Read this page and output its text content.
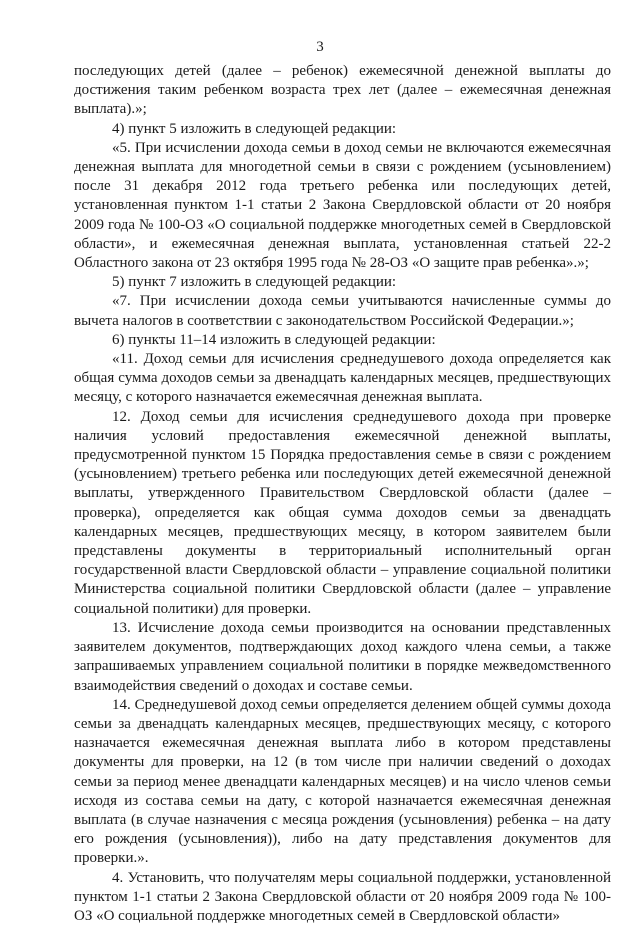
3

последующих детей (далее – ребенок) ежемесячной денежной выплаты до достижения таким ребенком возраста трех лет (далее – ежемесячная денежная выплата).»;

4) пункт 5 изложить в следующей редакции:

«5. При исчислении дохода семьи в доход семьи не включаются ежемесячная денежная выплата для многодетной семьи в связи с рождением (усыновлением) после 31 декабря 2012 года третьего ребенка или последующих детей, установленная пунктом 1-1 статьи 2 Закона Свердловской области от 20 ноября 2009 года № 100-ОЗ «О социальной поддержке многодетных семей в Свердловской области», и ежемесячная денежная выплата, установленная статьей 22-2 Областного закона от 23 октября 1995 года № 28-ОЗ «О защите прав ребенка».»;

5) пункт 7 изложить в следующей редакции:

«7. При исчислении дохода семьи учитываются начисленные суммы до вычета налогов в соответствии с законодательством Российской Федерации.»;

6) пункты 11–14 изложить в следующей редакции:

«11. Доход семьи для исчисления среднедушевого дохода определяется как общая сумма доходов семьи за двенадцать календарных месяцев, предшествующих месяцу, с которого назначается ежемесячная денежная выплата.

12. Доход семьи для исчисления среднедушевого дохода при проверке наличия условий предоставления ежемесячной денежной выплаты, предусмотренной пунктом 15 Порядка предоставления семье в связи с рождением (усыновлением) третьего ребенка или последующих детей ежемесячной денежной выплаты, утвержденного Правительством Свердловской области (далее – проверка), определяется как общая сумма доходов семьи за двенадцать календарных месяцев, предшествующих месяцу, в котором заявителем были представлены документы в территориальный исполнительный орган государственной власти Свердловской области – управление социальной политики Министерства социальной политики Свердловской области (далее – управление социальной политики) для проверки.

13. Исчисление дохода семьи производится на основании представленных заявителем документов, подтверждающих доход каждого члена семьи, а также запрашиваемых управлением социальной политики в порядке межведомственного взаимодействия сведений о доходах и составе семьи.

14. Среднедушевой доход семьи определяется делением общей суммы дохода семьи за двенадцать календарных месяцев, предшествующих месяцу, с которого назначается ежемесячная денежная выплата либо в котором представлены документы для проверки, на 12 (в том числе при наличии сведений о доходах семьи за период менее двенадцати календарных месяцев) и на число членов семьи исходя из состава семьи на дату, с которой назначается ежемесячная денежная выплата (в случае назначения с месяца рождения (усыновления) ребенка – на дату его рождения (усыновления)), либо на дату представления документов для проверки.».

4. Установить, что получателям меры социальной поддержки, установленной пунктом 1-1 статьи 2 Закона Свердловской области от 20 ноября 2009 года № 100-ОЗ «О социальной поддержке многодетных семей в Свердловской области»
